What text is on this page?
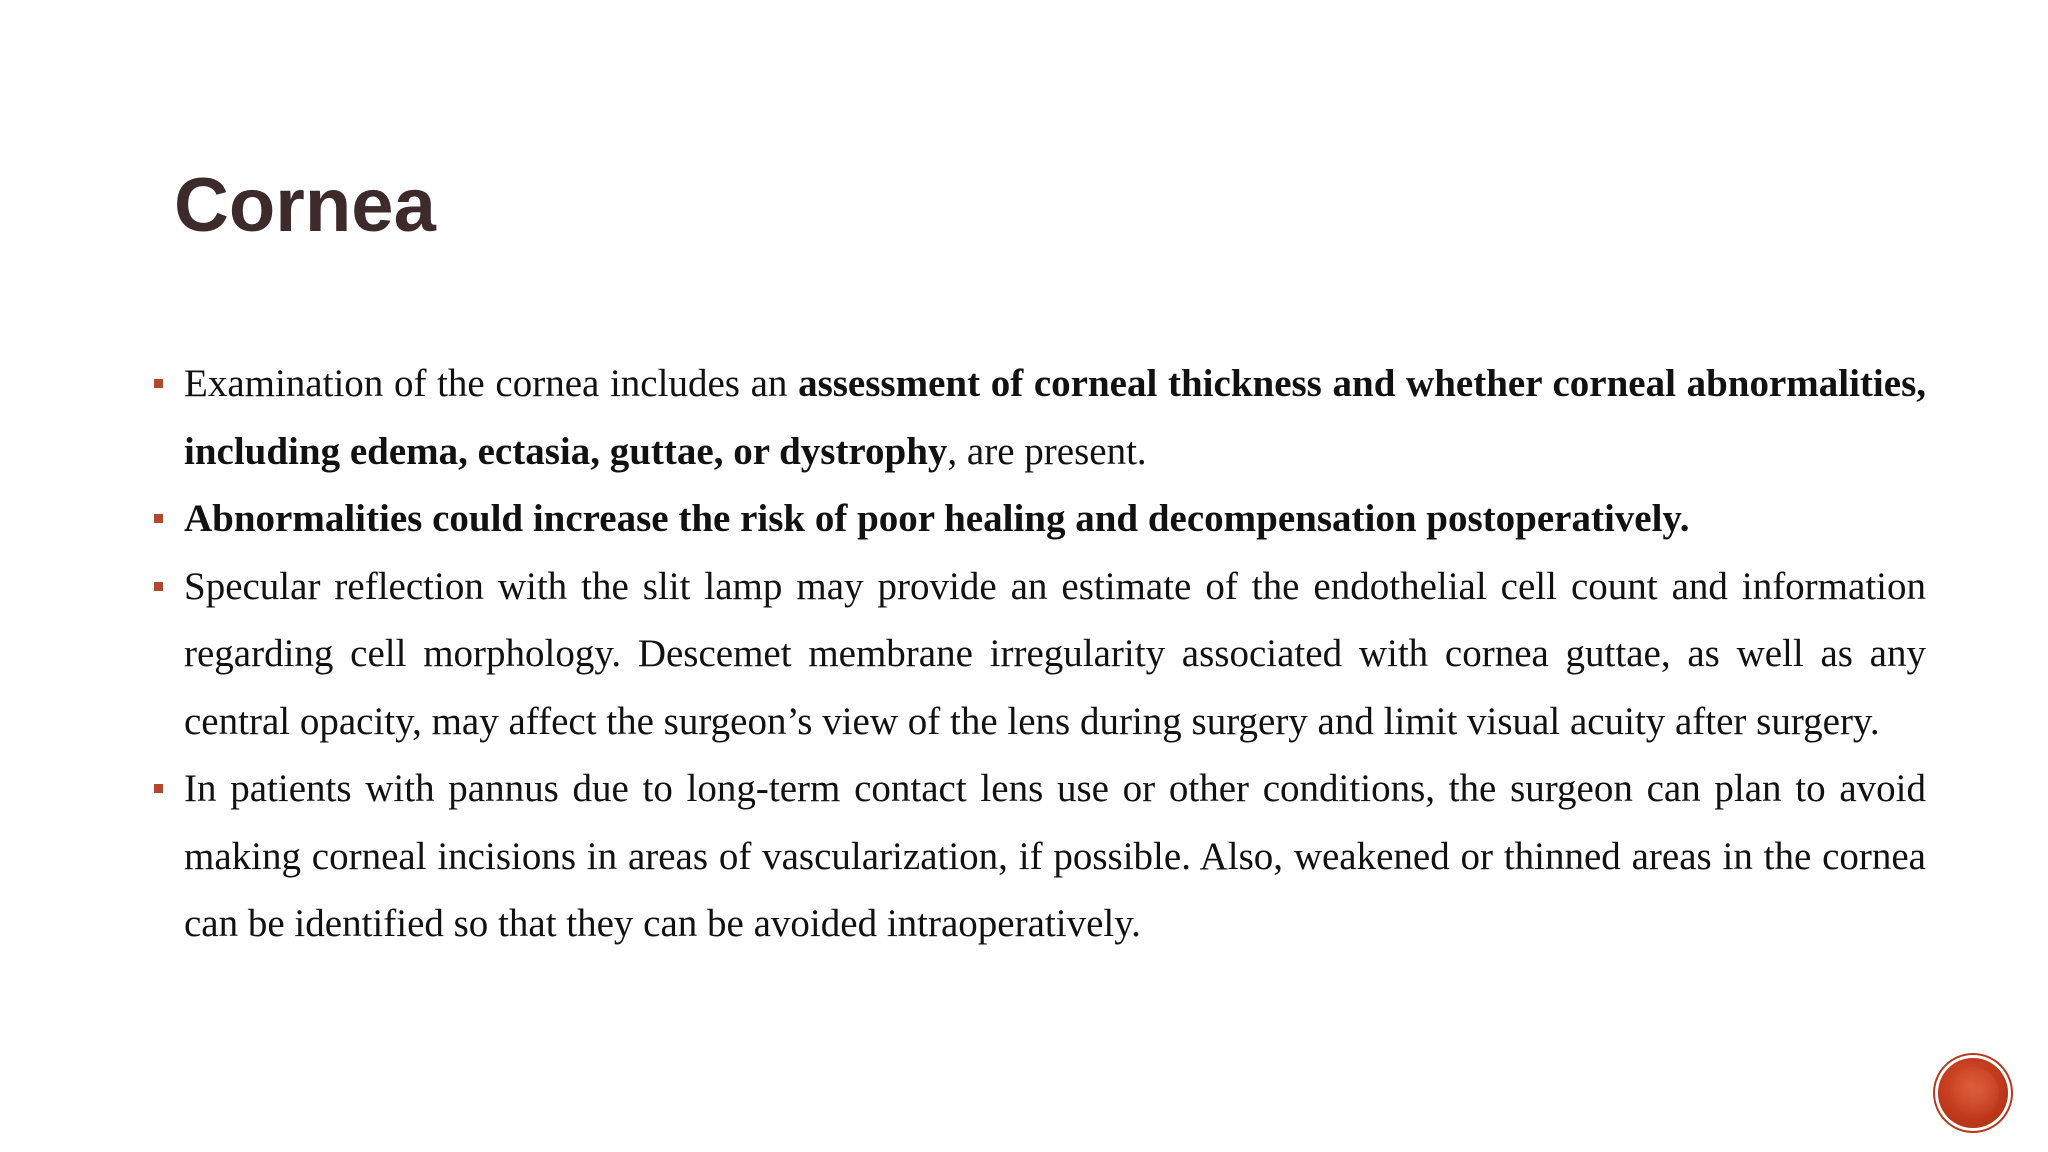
Cornea
Examination of the cornea includes an assessment of corneal thickness and whether corneal abnormalities, including edema, ectasia, guttae, or dystrophy, are present.
Abnormalities could increase the risk of poor healing and decompensation postoperatively.
Specular reflection with the slit lamp may provide an estimate of the endothelial cell count and information regarding cell morphology. Descemet membrane irregularity associated with cornea guttae, as well as any central opacity, may affect the surgeon’s view of the lens during surgery and limit visual acuity after surgery.
In patients with pannus due to long-term contact lens use or other conditions, the surgeon can plan to avoid making corneal incisions in areas of vascularization, if possible. Also, weakened or thinned areas in the cornea can be identified so that they can be avoided intraoperatively.
